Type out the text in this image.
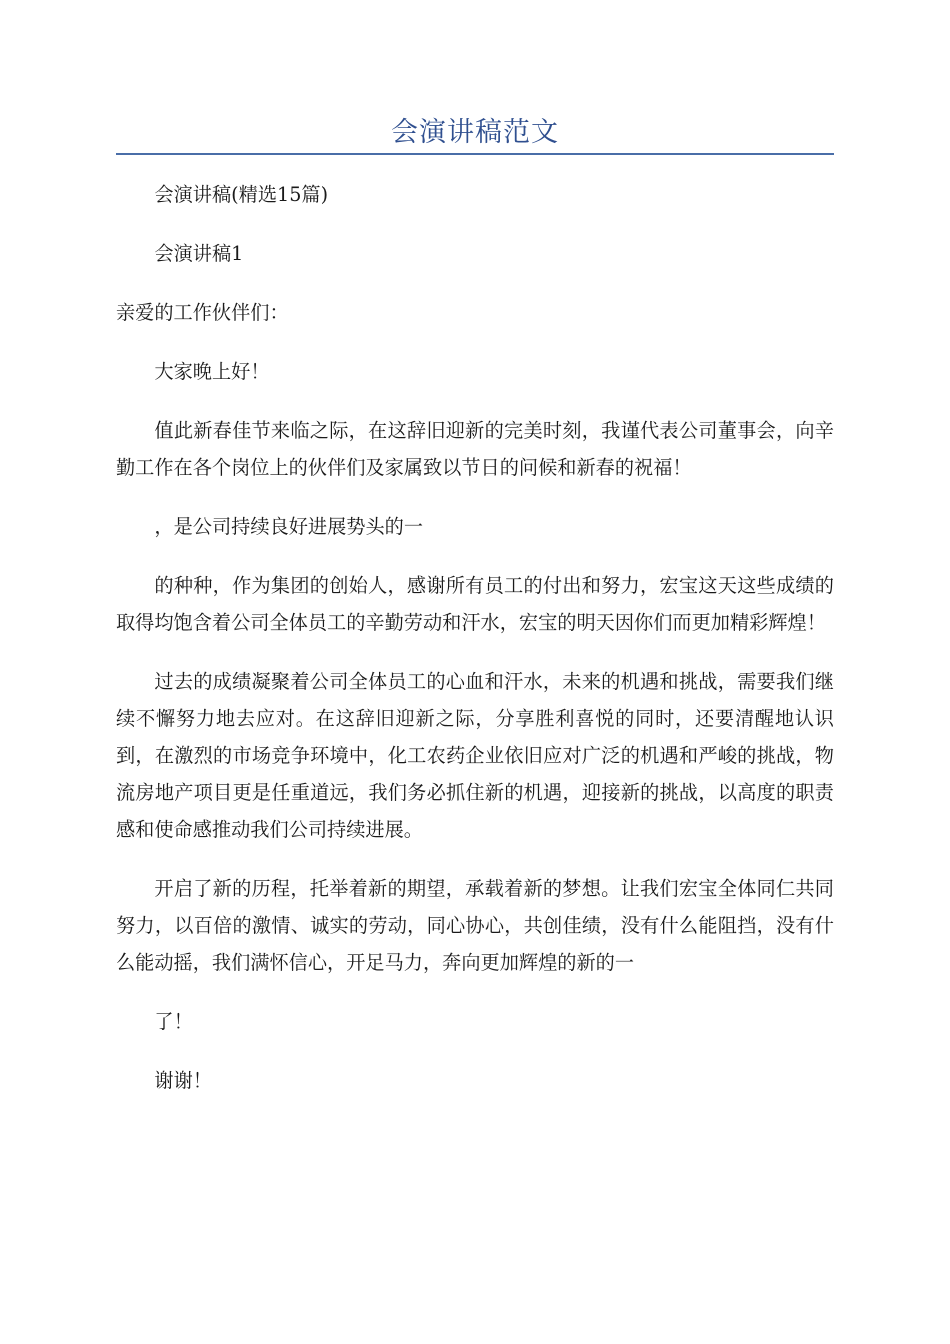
会演讲稿范文

会演讲稿(精选15篇)

会演讲稿1

亲爱的工作伙伴们：

大家晚上好！

值此新春佳节来临之际，在这辞旧迎新的完美时刻，我谨代表公司董事会，向辛勤工作在各个岗位上的伙伴们及家属致以节日的问候和新春的祝福！

，是公司持续良好进展势头的一

的种种，作为集团的创始人，感谢所有员工的付出和努力，宏宝这天这些成绩的取得均饱含着公司全体员工的辛勤劳动和汗水，宏宝的明天因你们而更加精彩辉煌！

过去的成绩凝聚着公司全体员工的心血和汗水，未来的机遇和挑战，需要我们继续不懈努力地去应对。在这辞旧迎新之际，分享胜利喜悦的同时，还要清醒地认识到，在激烈的市场竞争环境中，化工农药企业依旧应对广泛的机遇和严峻的挑战，物流房地产项目更是任重道远，我们务必抓住新的机遇，迎接新的挑战，以高度的职责感和使命感推动我们公司持续进展。

开启了新的历程，托举着新的期望，承载着新的梦想。让我们宏宝全体同仁共同努力，以百倍的激情、诚实的劳动，同心协心，共创佳绩，没有什么能阻挡，没有什么能动摇，我们满怀信心，开足马力，奔向更加辉煌的新的一

了！

谢谢！
